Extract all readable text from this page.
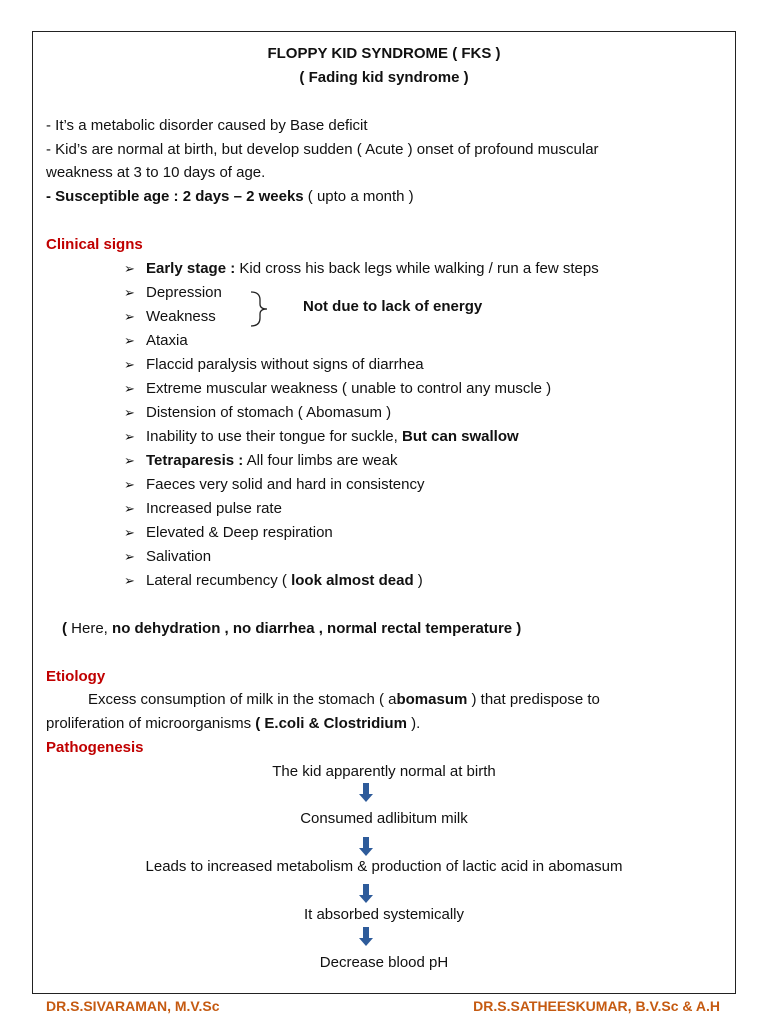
FLOPPY KID SYNDROME ( FKS )
( Fading kid syndrome )
- It’s a metabolic disorder caused by Base deficit
- Kid’s are normal at birth, but develop sudden ( Acute ) onset of profound muscular
weakness at 3 to 10 days of age.
- Susceptible age : 2 days – 2 weeks ( upto a month )
Clinical signs
➢ Early stage : Kid cross his back legs while walking / run a few steps
➢ Depression
➢ Weakness
Not due to lack of energy
➢ Ataxia
➢ Flaccid paralysis without signs of diarrhea
➢ Extreme muscular weakness ( unable to control any muscle )
➢ Distension of stomach ( Abomasum )
➢ Inability to use their tongue for suckle, But can swallow
➢ Tetraparesis : All four limbs are weak
➢ Faeces very solid and hard in consistency
➢ Increased pulse rate
➢ Elevated & Deep respiration
➢ Salivation
➢ Lateral recumbency ( look almost dead )
( Here, no dehydration , no diarrhea , normal rectal temperature )
Etiology
Excess consumption of milk in the stomach ( abomasum ) that predispose to
proliferation of microorganisms ( E.coli & Clostridium ).
Pathogenesis
The kid apparently normal at birth
Consumed adlibitum milk
Leads to increased metabolism & production of lactic acid in abomasum
It absorbed systemically
Decrease blood pH
DR.S.SIVARAMAN, M.V.Sc	DR.S.SATHEESKUMAR, B.V.Sc & A.H
